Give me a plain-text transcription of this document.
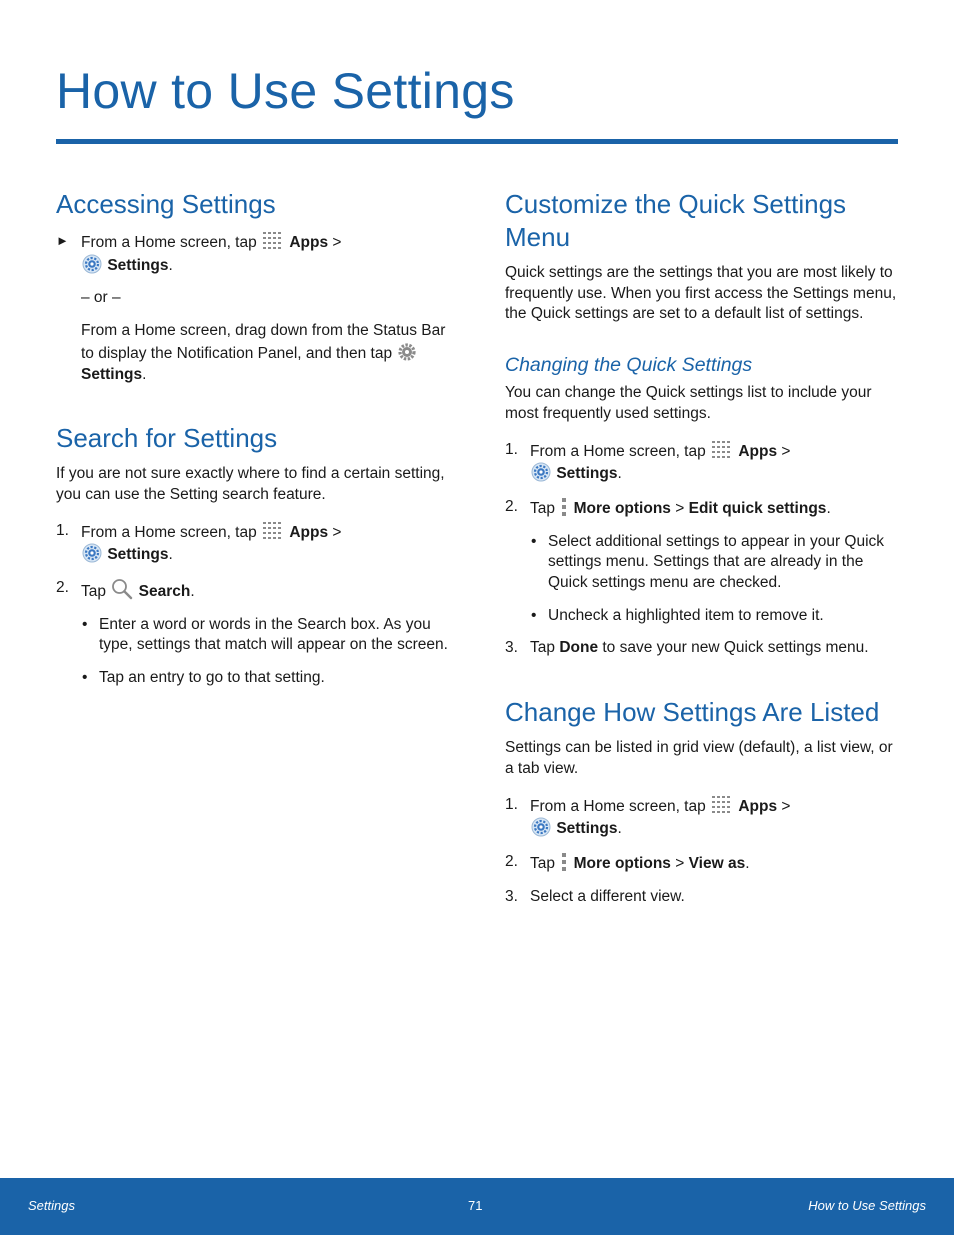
How to Use Settings
Accessing Settings
► From a Home screen, tap Apps >
Settings.

– or –

From a Home screen, drag down from the Status Bar to display the Notification Panel, and then tap  Settings.

Search for Settings

If you are not sure exactly where to find a certain setting, you can use the Setting search feature.

1. From a Home screen, tap Apps >
Settings.
2. Tap Search.
• Enter a word or words in the Search box. As you type, settings that match will appear on the screen.
• Tap an entry to go to that setting.
Customize the Quick Settings Menu

Quick settings are the settings that you are most likely to frequently use. When you first access the Settings menu, the Quick settings are set to a default list of settings.

Changing the Quick Settings

You can change the Quick settings list to include your most frequently used settings.

1. From a Home screen, tap Apps >
Settings.
2. Tap More options > Edit quick settings.
• Select additional settings to appear in your Quick settings menu. Settings that are already in the Quick settings menu are checked.
• Uncheck a highlighted item to remove it.
3. Tap Done to save your new Quick settings menu.
Change How Settings Are Listed

Settings can be listed in grid view (default), a list view, or a tab view.

1. From a Home screen, tap Apps >
Settings.
2. Tap More options > View as.
3. Select a different view.
Settings	71	How to Use Settings
